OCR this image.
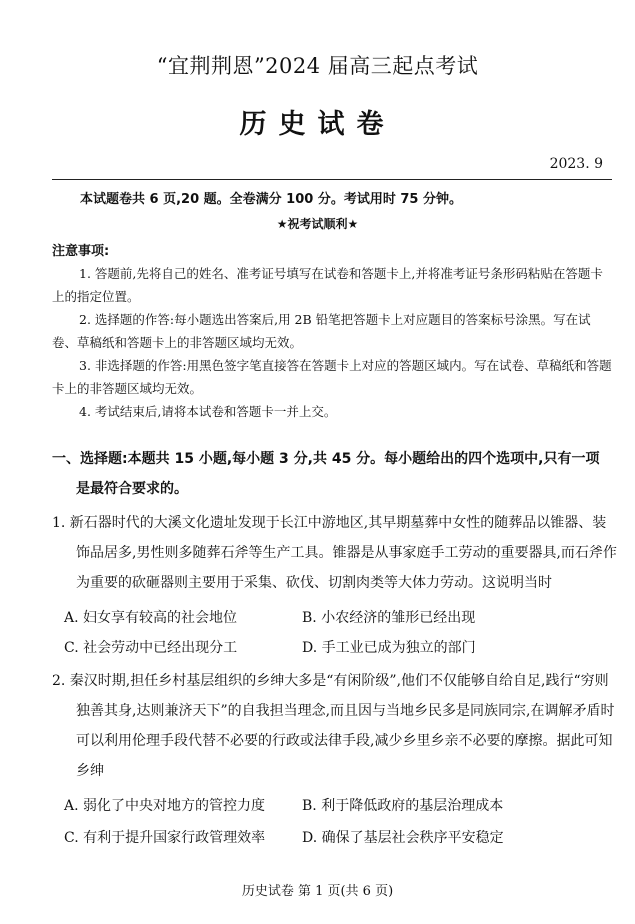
“宜荆荆恩”2024 届高三起点考试
历史试卷
2023. 9
本试题卷共 6 页,20 题。全卷满分 100 分。考试用时 75 分钟。
★祝考试顺利★
注意事项:
1. 答题前,先将自己的姓名、准考证号填写在试卷和答题卡上,并将准考证号条形码粘贴在答题卡上的指定位置。
2. 选择题的作答:每小题选出答案后,用 2B 铅笔把答题卡上对应题目的答案标号涂黑。写在试卷、草稿纸和答题卡上的非答题区域均无效。
3. 非选择题的作答:用黑色签字笔直接答在答题卡上对应的答题区域内。写在试卷、草稿纸和答题卡上的非答题区域均无效。
4. 考试结束后,请将本试卷和答题卡一并上交。
一、选择题:本题共 15 小题,每小题 3 分,共 45 分。每小题给出的四个选项中,只有一项
是最符合要求的。
1. 新石器时代的大溪文化遗址发现于长江中游地区,其早期墓葬中女性的随葬品以锥器、装饰品居多,男性则多随葬石斧等生产工具。锥器是从事家庭手工劳动的重要器具,而石斧作为重要的砍砸器则主要用于采集、砍伐、切割肉类等大体力劳动。这说明当时
A. 妇女享有较高的社会地位	B. 小农经济的雏形已经出现
C. 社会劳动中已经出现分工	D. 手工业已成为独立的部门
2. 秦汉时期,担任乡村基层组织的乡绅大多是“有闲阶级”,他们不仅能够自给自足,践行“穷则独善其身,达则兼济天下”的自我担当理念,而且因与当地乡民多是同族同宗,在调解矛盾时可以利用伦理手段代替不必要的行政或法律手段,减少乡里乡亲不必要的摩擦。据此可知乡绅
A. 弱化了中央对地方的管控力度	B. 利于降低政府的基层治理成本
C. 有利于提升国家行政管理效率	D. 确保了基层社会秩序平安稳定
历史试卷 第 1 页(共 6 页)
